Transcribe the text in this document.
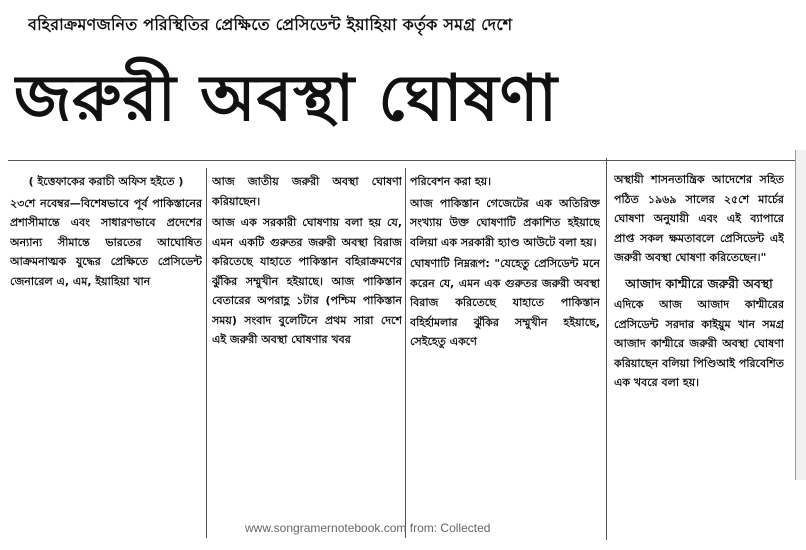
বহিরাক্রমণজনিত পরিস্থিতির প্রেক্ষিতে প্রেসিডেন্ট ইয়াহিয়া কর্তৃক সমগ্র দেশে
জরুরী অবস্থা ঘোষণা

( ইত্তেফাকের করাচী অফিস হইতে )

২৩শে নবেম্বর—বিশেষভাবে পূর্ব পাকিস্তানের প্রশাসীমান্তে এবং সাধারণভাবে প্রদেশের অন্যান্য সীমান্তে ভারতের আঘোষিত আক্রমনাত্মক যুদ্ধের প্রেক্ষিতে প্রেসিডেন্ট জেনারেল এ, এম, ইয়াহিয়া খান

আজ জাতীয় জরুরী অবস্থা ঘোষণা করিয়াছেন।

আজ এক সরকারী ঘোষণায় বলা হয় যে, এমন একটি গুরুতর জরুরী অবস্থা বিরাজ করিতেছে যাহাতে পাকিস্তান বহিরাক্রমণের ঝুঁকির সম্মুখীন হইয়াছে। আজ পাকিস্তান বেতারের অপরাহ্ণ ১টার (পশ্চিম পাকিস্তান সময়) সংবাদ বুলেটিনে প্রথম সারা দেশে এই জরুরী অবস্থা ঘোষণার খবর

পরিবেশন করা হয়।

আজ পাকিস্তান গেজেটের এক অতিরিক্ত সংখ্যায় উক্ত ঘোষণাটি প্রকাশিত হইয়াছে বলিয়া এক সরকারী হ্যাণ্ড আউটে বলা হয়।

ঘোষণাটি নিম্নরূপ: "যেহেতু প্রেসিডেন্ট মনে করেন যে, এমন এক গুরুতর জরুরী অবস্থা বিরাজ করিতেছে যাহাতে পাকিস্তান বহির্হামলার ঝুঁকির সম্মুখীন হইয়াছে, সেইহেতু একণে

অস্থায়ী শাসনতান্ত্রিক আদেশের সহিত পঠিত ১৯৬৯ সালের ২৫শে মার্চের ঘোষণা অনুযায়ী এবং এই ব্যাপারে প্রাপ্ত সকল ক্ষমতাবলে প্রেসিডেন্ট এই জরুরী অবস্থা ঘোষণা করিতেছেন।"

আজাদ কাশ্মীরে জরুরী অবস্থা

এদিকে আজ আজাদ কাশ্মীরের প্রেসিডেন্ট সরদার কাইয়ুম খান সমগ্র আজাদ কাশ্মীরে জরুরী অবস্থা ঘোষণা করিয়াছেন বলিয়া পিণ্ডিআই পরিবেশিত এক খবরে বলা হয়।

www.songramernotebook.com from: Collected
